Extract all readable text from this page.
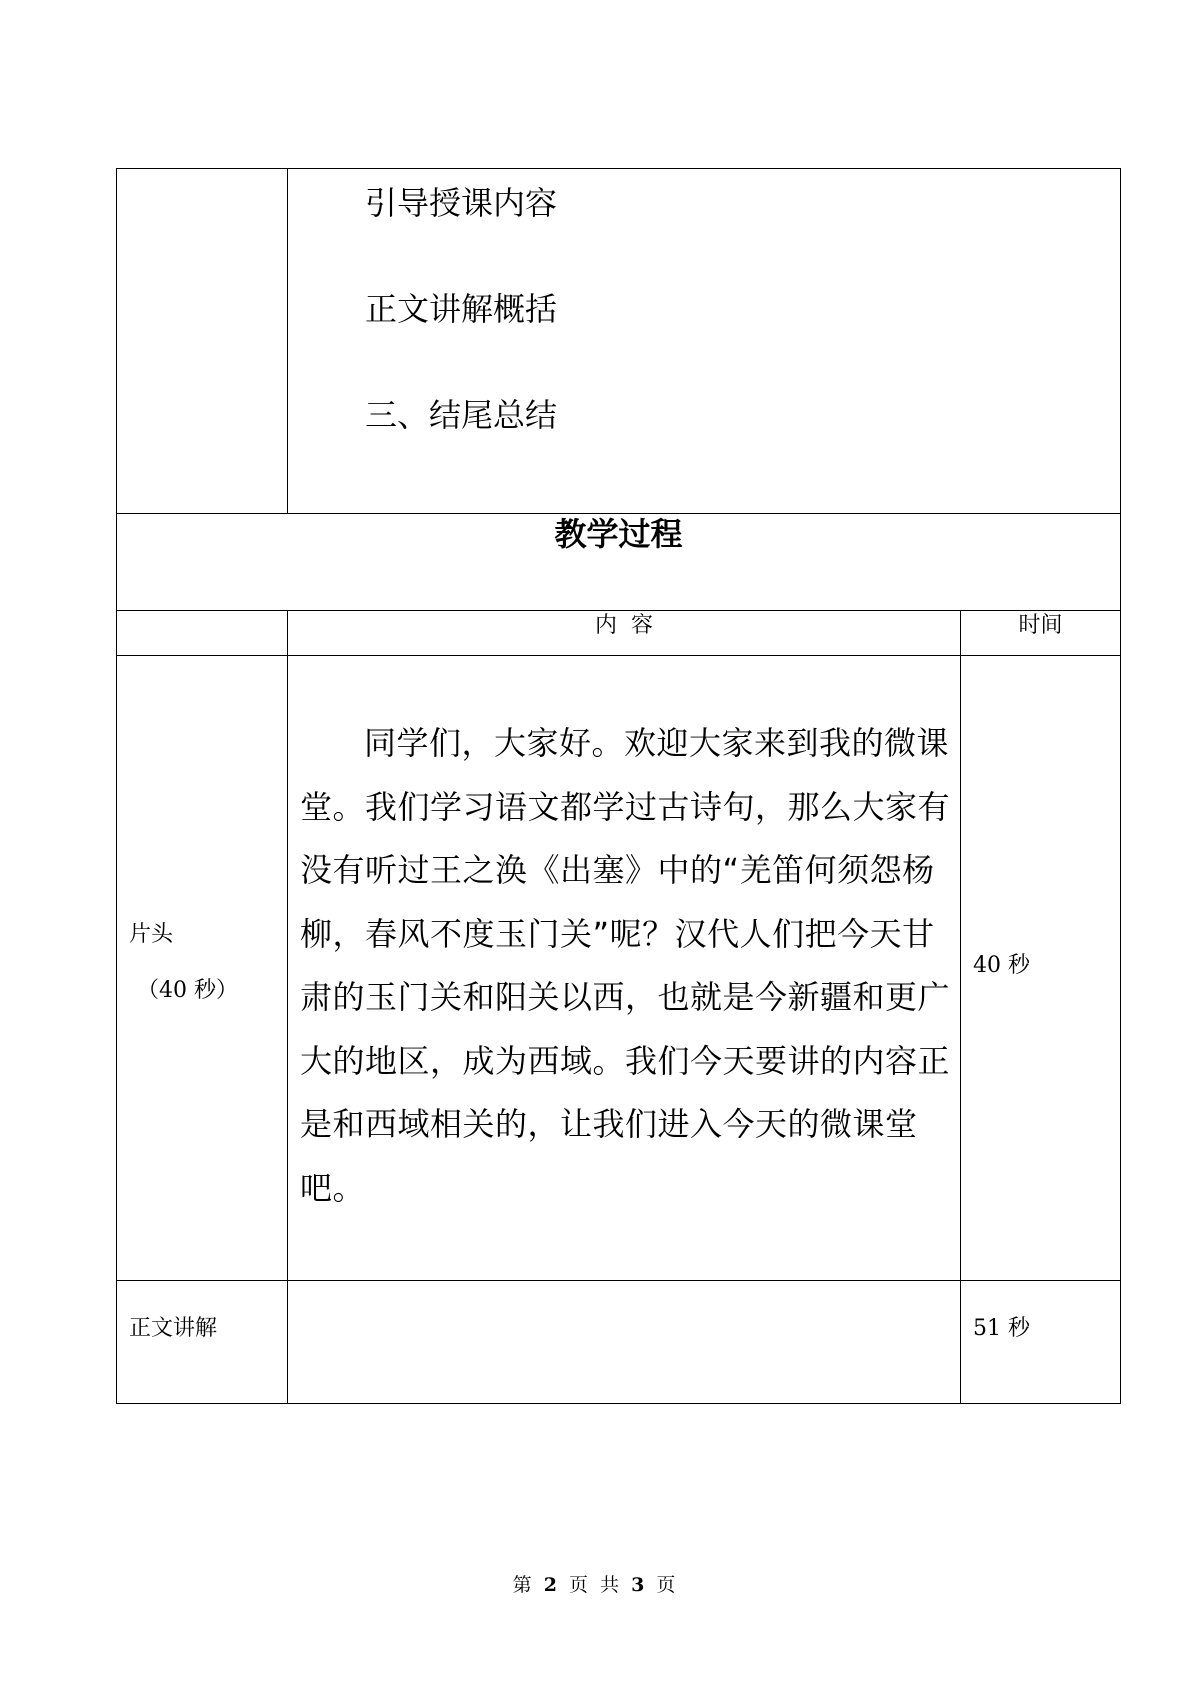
	引导授课内容
正文讲解概括
三、结尾总结	

教学过程		
	内  容	时间

片头
（40 秒）	同学们，大家好。欢迎大家来到我的微课堂。我们学习语文都学过古诗句，那么大家有没有听过王之涣《出塞》中的“羌笛何须怨杨柳，春风不度玉门关”呢？汉代人们把今天甘肃的玉门关和阳关以西，也就是今新疆和更广大的地区，成为西域。我们今天要讲的内容正是和西域相关的，让我们进入今天的微课堂吧。	40 秒

正文讲解		51 秒
第 2 页 共 3 页
